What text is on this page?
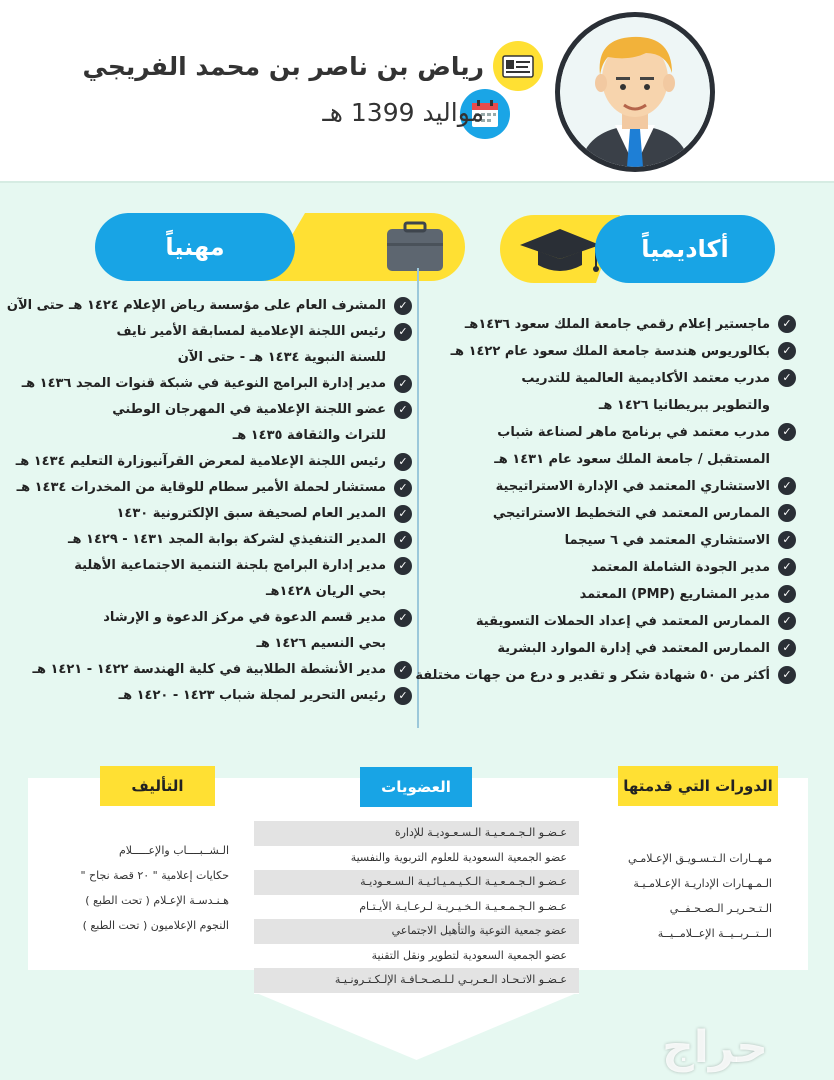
رياض بن ناصر بن محمد الفريجي
مواليد 1399 هـ
مهنياً	أكاديمياً
✓
المشرف العام على مؤسسة رياض الإعلام ١٤٢٤ هـ حتى الآن
✓
رئيس اللجنة الإعلامية لمسابقة الأمير نايف
للسنة النبوية ١٤٣٤ هـ - حتى الآن
✓
مدير إدارة البرامج النوعية في شبكة قنوات المجد ١٤٣٦ هـ
✓
عضو اللجنة الإعلامية في المهرجان الوطني
للتراث والثقافة ١٤٣٥ هـ
✓
رئيس اللجنة الإعلامية لمعرض القرآنيوزارة التعليم ١٤٣٤ هـ
✓
مستشار لحملة الأمير سطام للوقاية من المخدرات ١٤٣٤ هـ
✓
المدير العام لصحيفة سبق الإلكترونية ١٤٣٠
✓
المدير التنفيذي لشركة بوابة المجد ١٤٣١ - ١٤٢٩ هـ
✓
مدير إدارة البرامج بلجنة التنمية الاجتماعية الأهلية
بحي الريان ١٤٢٨هـ
✓
مدير قسم الدعوة في مركز الدعوة و الإرشاد
بحي النسيم ١٤٢٦ هـ
✓
مدير الأنشطة الطلابية في كلية الهندسة ١٤٢٢ - ١٤٢١ هـ
✓
رئيس التحرير لمجلة شباب ١٤٢٣ - ١٤٢٠ هـ
✓
ماجستير إعلام رقمي جامعة الملك سعود ١٤٣٦هـ
✓
بكالوريوس هندسة جامعة الملك سعود عام ١٤٢٢ هـ
✓
مدرب معتمد الأكاديمية العالمية للتدريب
والتطوير ببريطانيا ١٤٢٦ هـ
✓
مدرب معتمد في برنامج ماهر لصناعة شباب
المستقبل / جامعة الملك سعود عام ١٤٣١ هـ
✓
الاستشاري المعتمد في الإدارة الاستراتيجية
✓
الممارس المعتمد في التخطيط الاستراتيجي
✓
الاستشاري المعتمد في ٦ سيجما
✓
مدير الجودة الشاملة المعتمد
✓
مدير المشاريع (PMP) المعتمد
✓
الممارس المعتمد في إعداد الحملات التسويقية
✓
الممارس المعتمد في إدارة الموارد البشرية
✓
أكثر من ٥٠ شهادة شكر و تقدير و درع من جهات مختلفة
الدورات التي قدمتها
العضويات
التأليف
مـهــارات الـتـسـويـق الإعـلامـي
الـمـهـارات الإداريـة الإعـلامـيـة
الـتـحـريـر الـصـحـفــي
الــتــربــيــة الإعــلامــيــة
عـضـو الـجـمـعـيـة الـسـعـوديـة للإدارة
عضو الجمعية السعودية للعلوم التربوية والنفسية
عـضـو الـجـمـعـيـة الـكـيـمـيـائـيـة الـسـعـوديـة
عـضـو الـجـمـعـيـة الـخـيـريـة لـرعـايـة الأيـتـام
عضو جمعية التوعية والتأهيل الاجتماعي
عضو الجمعية السعودية لتطوير ونقل التقنية
عـضـو الاتـحـاد الـعـربـي لـلـصـحـافـة الإلـكـتـرونـيـة
الـشــبــــاب والإعـــــلام
حكايات إعلامية " ٢٠ قصة نجاح "
هـنـدسـة الإعـلام ( تحت الطبع )
النجوم الإعلاميون ( تحت الطبع )
حراج
